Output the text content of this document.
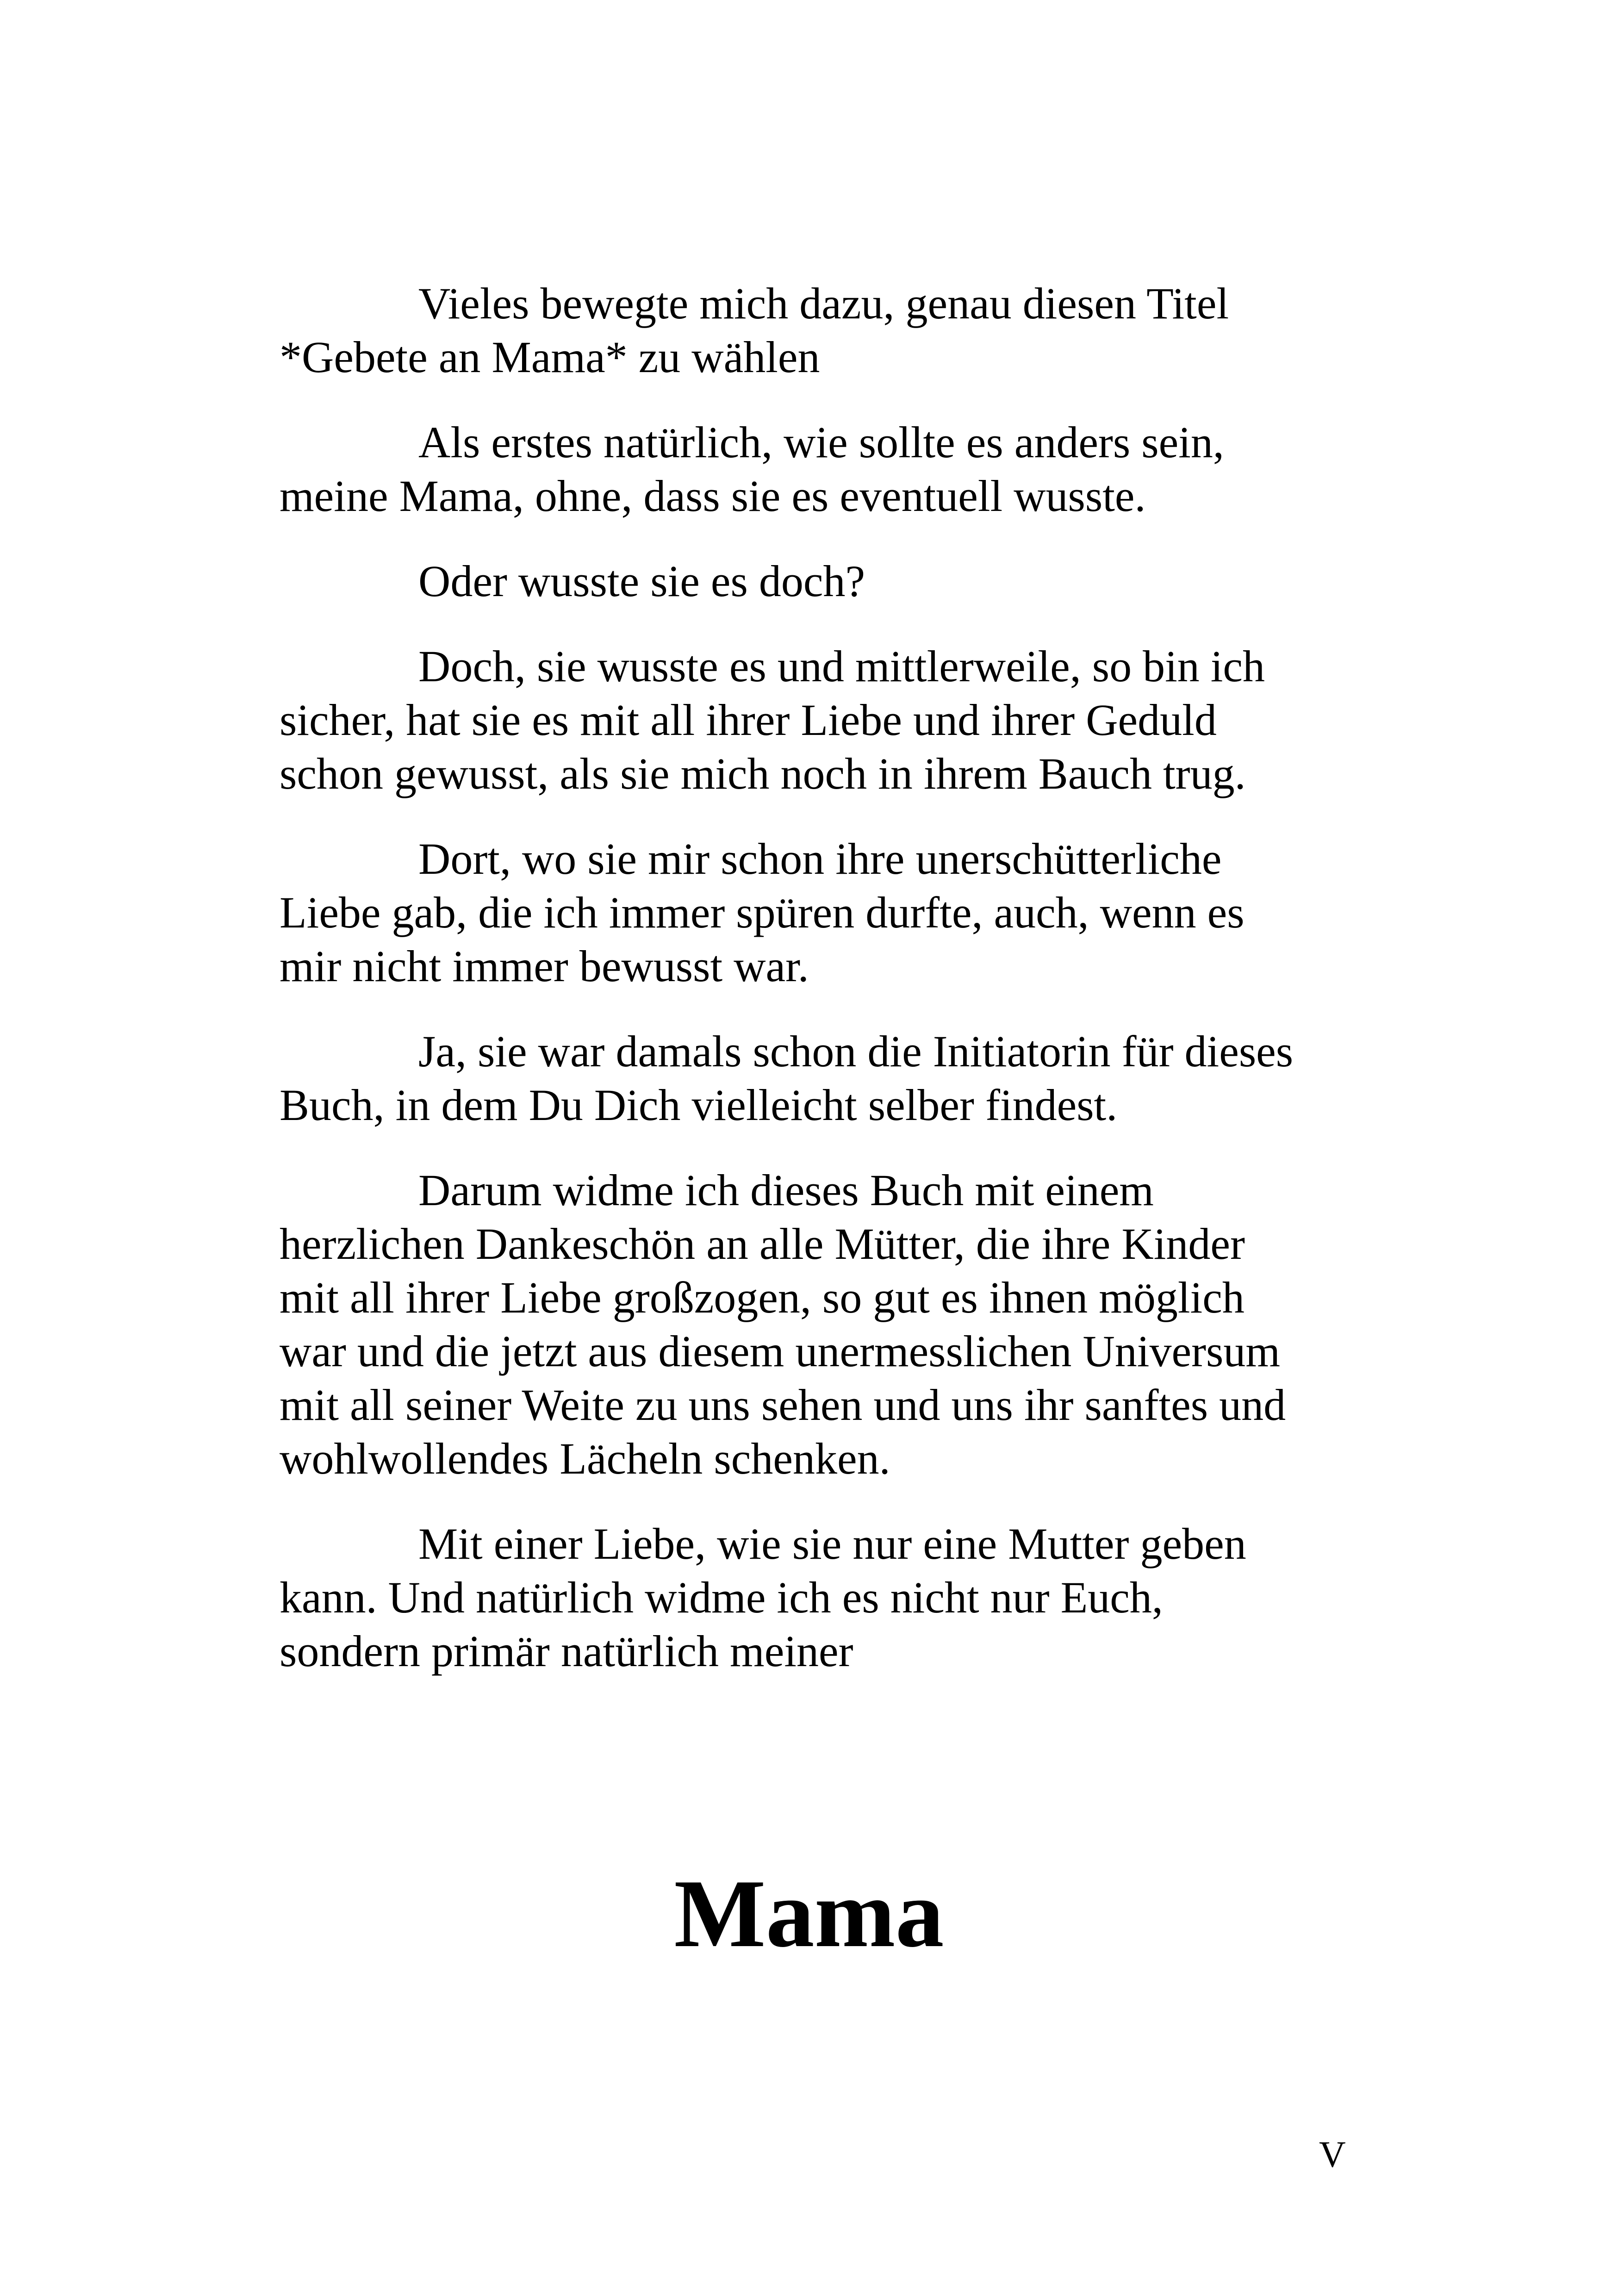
Vieles bewegte mich dazu, genau diesen Titel
*Gebete an Mama* zu wählen

Als erstes natürlich, wie sollte es anders sein,
meine Mama, ohne, dass sie es eventuell wusste.

Oder wusste sie es doch?

Doch, sie wusste es und mittlerweile, so bin ich
sicher, hat sie es mit all ihrer Liebe und ihrer Geduld
schon gewusst, als sie mich noch in ihrem Bauch trug.

Dort, wo sie mir schon ihre unerschütterliche
Liebe gab, die ich immer spüren durfte, auch, wenn es
mir nicht immer bewusst war.

Ja, sie war damals schon die Initiatorin für dieses
Buch, in dem Du Dich vielleicht selber findest.

Darum widme ich dieses Buch mit einem
herzlichen Dankeschön an alle Mütter, die ihre Kinder
mit all ihrer Liebe großzogen, so gut es ihnen möglich
war und die jetzt aus diesem unermesslichen Universum
mit all seiner Weite zu uns sehen und uns ihr sanftes und
wohlwollendes Lächeln schenken.

Mit einer Liebe, wie sie nur eine Mutter geben
kann. Und natürlich widme ich es nicht nur Euch,
sondern primär natürlich meiner

Mama
V
